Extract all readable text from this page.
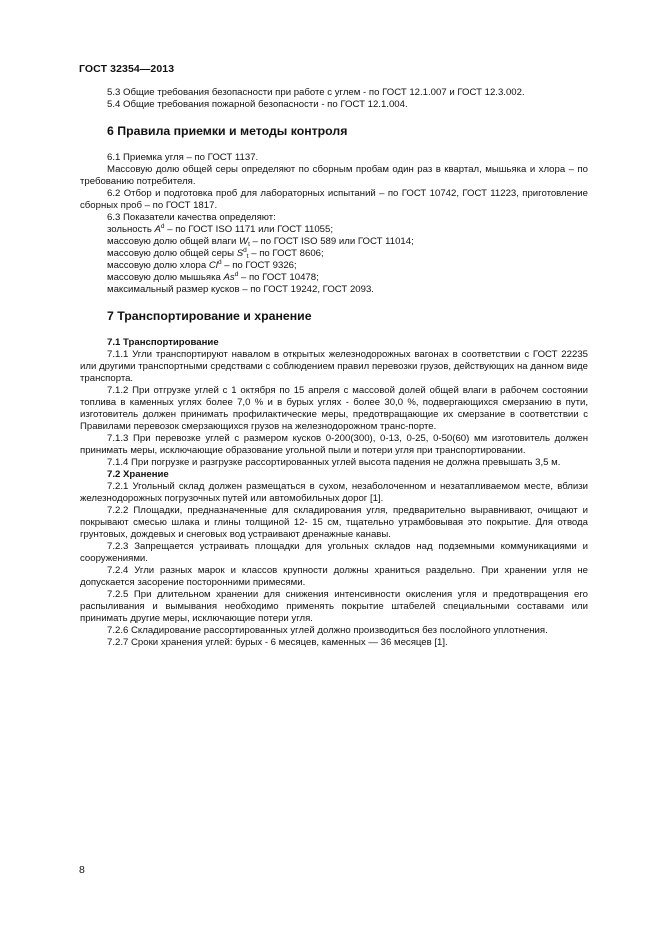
ГОСТ 32354—2013

5.3 Общие требования безопасности при работе с углем - по ГОСТ 12.1.007 и ГОСТ 12.3.002.

5.4 Общие требования пожарной безопасности - по ГОСТ 12.1.004.

6 Правила приемки и методы контроля

6.1 Приемка угля – по ГОСТ 1137.

Массовую долю общей серы определяют по сборным пробам один раз в квартал, мышьяка и хлора – по требованию потребителя.

6.2 Отбор и подготовка проб для лабораторных испытаний – по ГОСТ 10742, ГОСТ 11223, приготовление сборных проб – по ГОСТ 1817.

6.3 Показатели качества определяют:

зольность $A^d$ – по ГОСТ ISO 1171 или ГОСТ 11055;

массовую долю общей влаги $W_t$ – по ГОСТ ISO 589 или ГОСТ 11014;

массовую долю общей серы $S^d_t$ – по ГОСТ 8606;

массовую долю хлора Cl$^d$ – по ГОСТ 9326;

массовую долю мышьяка As$^d$ – по ГОСТ 10478;

максимальный размер кусков – по ГОСТ 19242, ГОСТ 2093.

7 Транспортирование и хранение

7.1 Транспортирование

7.1.1 Угли транспортируют навалом в открытых железнодорожных вагонах в соответствии с ГОСТ 22235 или другими транспортными средствами с соблюдением правил перевозки грузов, действующих на данном виде транспорта.

7.1.2 При отгрузке углей с 1 октября по 15 апреля с массовой долей общей влаги в рабочем состоянии топлива в каменных углях более 7,0 % и в бурых углях - более 30,0 %, подвергающихся смерзанию в пути, изготовитель должен принимать профилактические меры, предотвращающие их смерзание в соответствии с Правилами перевозок смерзающихся грузов на железнодорожном транс-порте.

7.1.3 При перевозке углей с размером кусков 0-200(300), 0-13, 0-25, 0-50(60) мм изготовитель должен принимать меры, исключающие образование угольной пыли и потери угля при транспортировании.

7.1.4 При погрузке и разгрузке рассортированных углей высота падения не должна превышать 3,5 м.

7.2 Хранение

7.2.1 Угольный склад должен размещаться в сухом, незаболоченном и незатапливаемом месте, вблизи железнодорожных погрузочных путей или автомобильных дорог [1].

7.2.2 Площадки, предназначенные для складирования угля, предварительно выравнивают, очищают и покрывают смесью шлака и глины толщиной 12- 15 см, тщательно утрамбовывая это покрытие. Для отвода грунтовых, дождевых и снеговых вод устраивают дренажные канавы.

7.2.3 Запрещается устраивать площадки для угольных складов над подземными коммуникациями и сооружениями.

7.2.4 Угли разных марок и классов крупности должны храниться раздельно. При хранении угля не допускается засорение посторонними примесями.

7.2.5 При длительном хранении для снижения интенсивности окисления угля и предотвращения его распыливания и вымывания необходимо применять покрытие штабелей специальными составами или принимать другие меры, исключающие потери угля.

7.2.6 Складирование рассортированных углей должно производиться без послойного уплотнения.

7.2.7 Сроки хранения углей: бурых - 6 месяцев, каменных — 36 месяцев [1].

8
